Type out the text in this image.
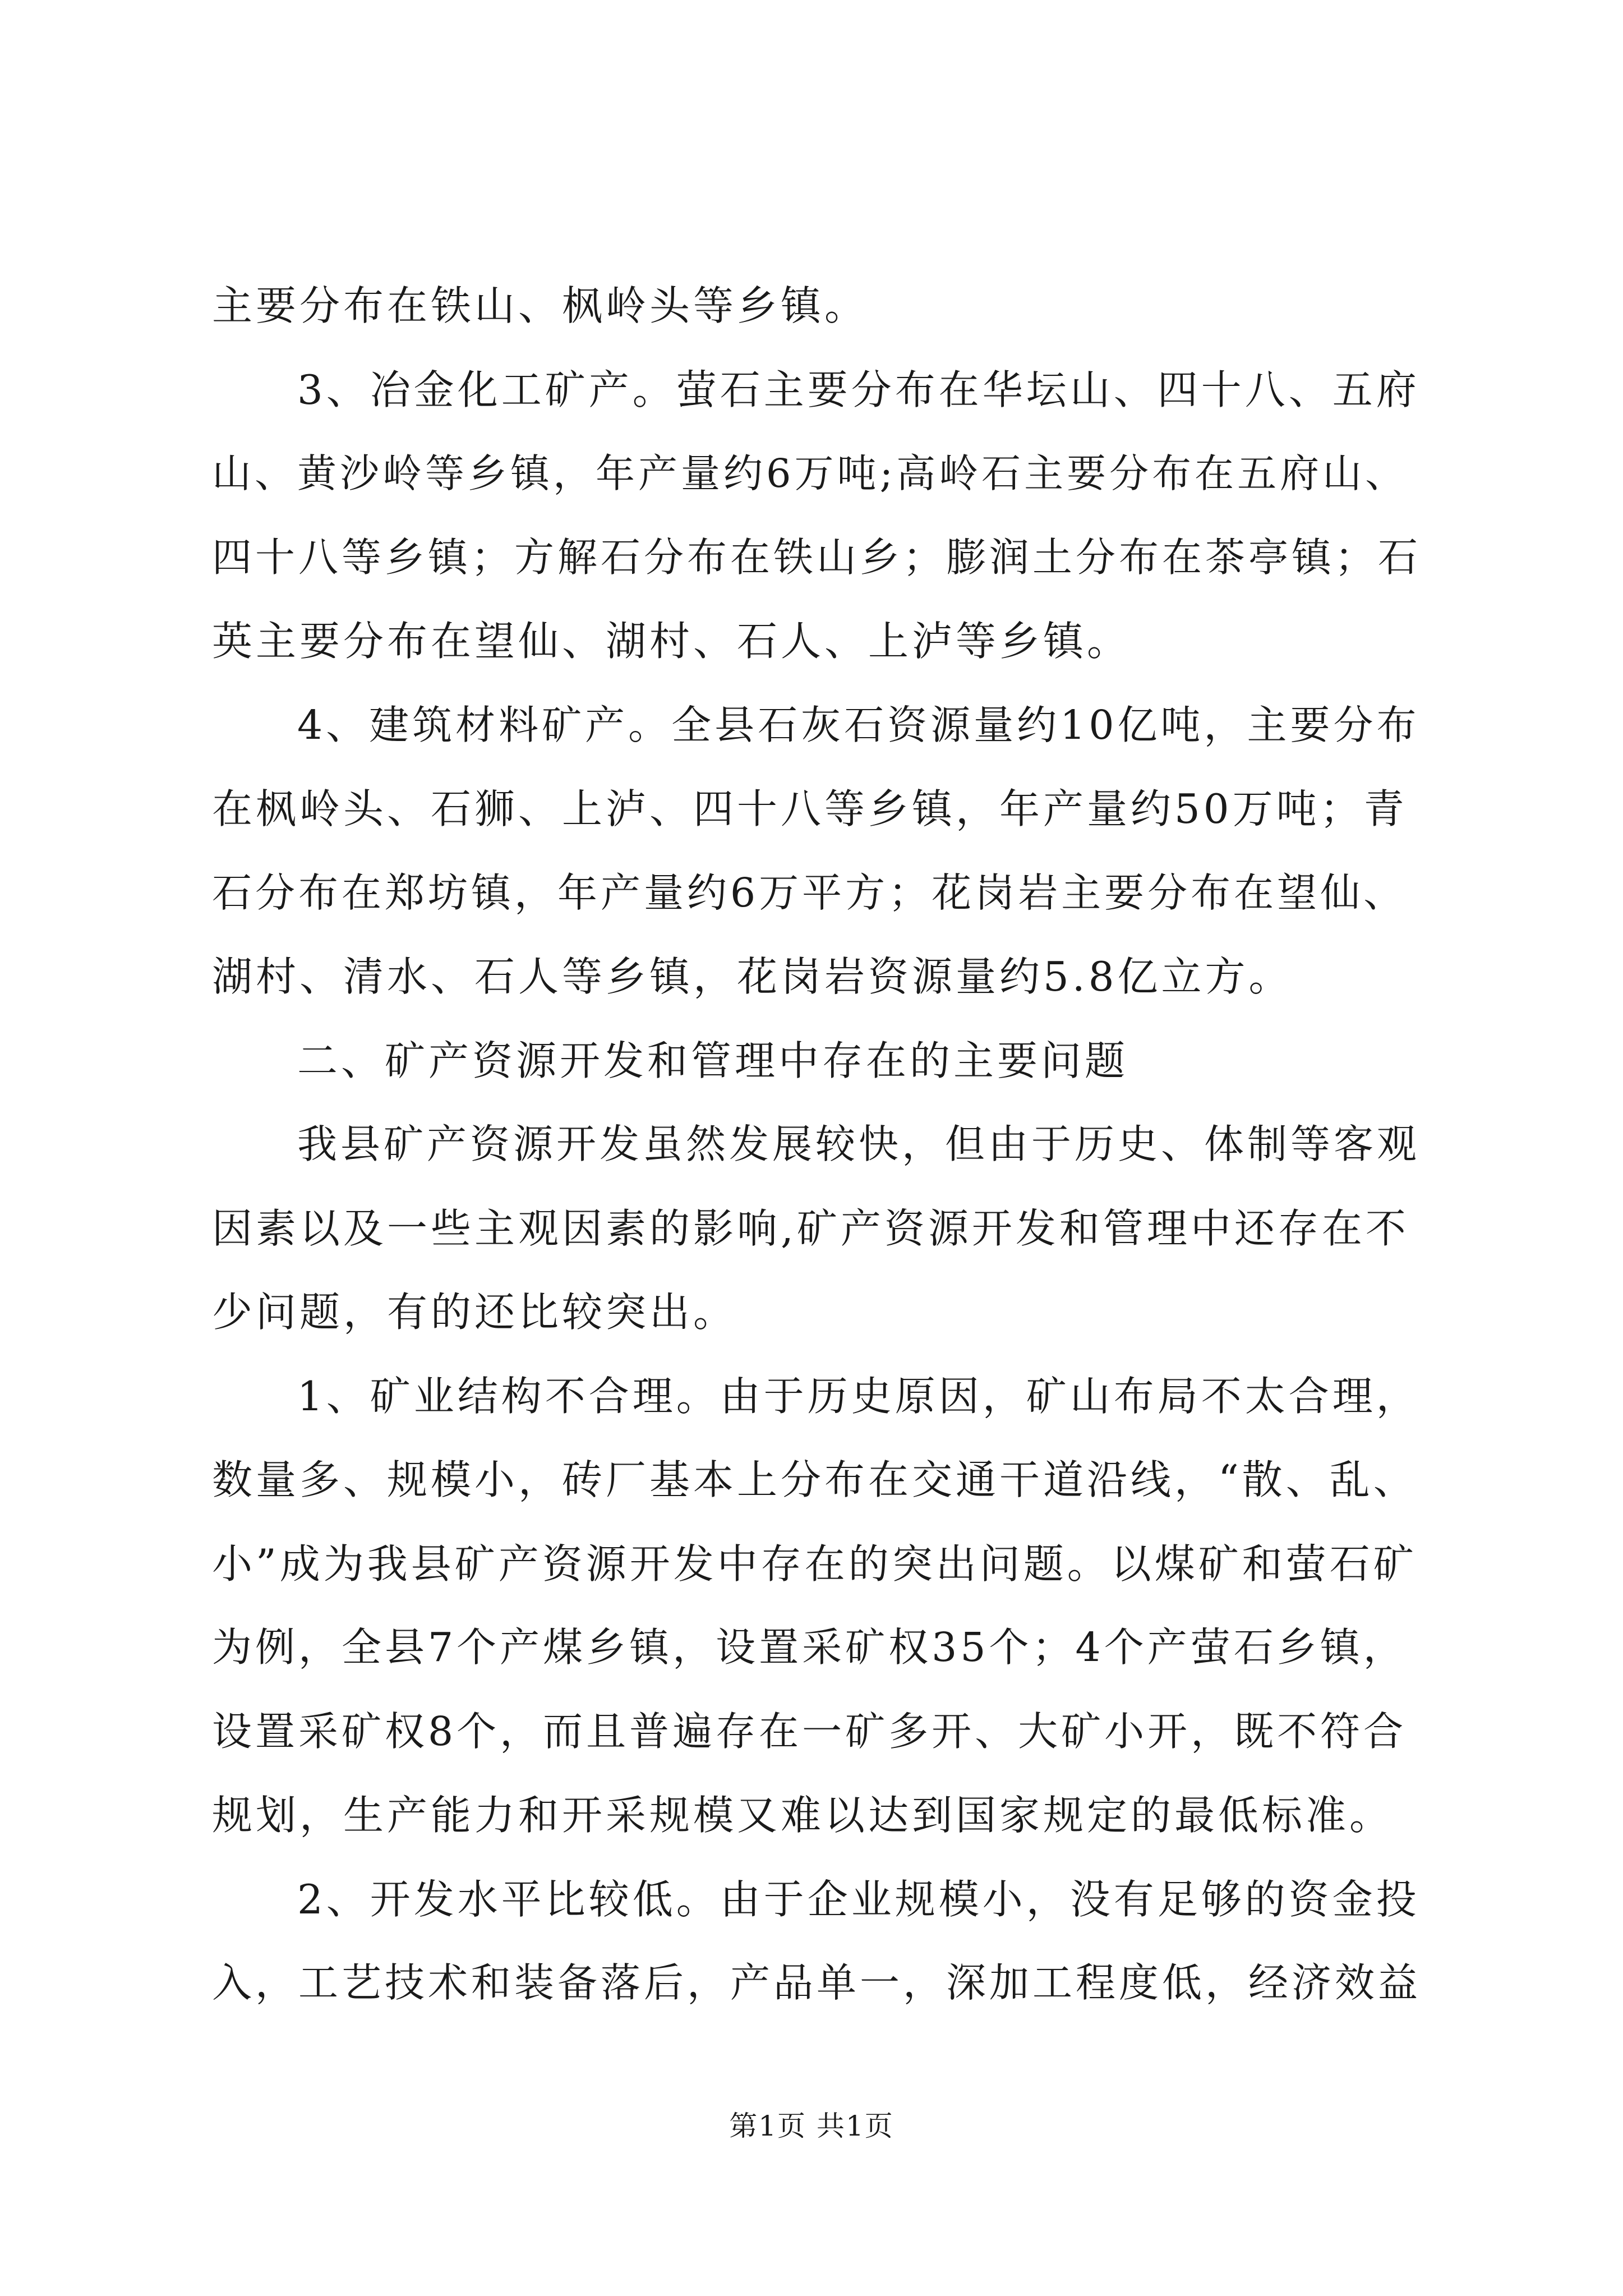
主要分布在铁山、枫岭头等乡镇。
3、冶金化工矿产。萤石主要分布在华坛山、四十八、五府
山、黄沙岭等乡镇，年产量约6万吨;高岭石主要分布在五府山、
四十八等乡镇；方解石分布在铁山乡；膨润土分布在茶亭镇；石
英主要分布在望仙、湖村、石人、上泸等乡镇。
4、建筑材料矿产。全县石灰石资源量约10亿吨，主要分布
在枫岭头、石狮、上泸、四十八等乡镇，年产量约50万吨；青
石分布在郑坊镇，年产量约6万平方；花岗岩主要分布在望仙、
湖村、清水、石人等乡镇，花岗岩资源量约5.8亿立方。
二、矿产资源开发和管理中存在的主要问题
我县矿产资源开发虽然发展较快，但由于历史、体制等客观
因素以及一些主观因素的影响,矿产资源开发和管理中还存在不
少问题，有的还比较突出。
1、矿业结构不合理。由于历史原因，矿山布局不太合理，
数量多、规模小，砖厂基本上分布在交通干道沿线，“散、乱、
小”成为我县矿产资源开发中存在的突出问题。以煤矿和萤石矿
为例，全县7个产煤乡镇，设置采矿权35个；4个产萤石乡镇，
设置采矿权8个，而且普遍存在一矿多开、大矿小开，既不符合
规划，生产能力和开采规模又难以达到国家规定的最低标准。
2、开发水平比较低。由于企业规模小，没有足够的资金投
入，工艺技术和装备落后，产品单一，深加工程度低，经济效益
第1页 共1页
